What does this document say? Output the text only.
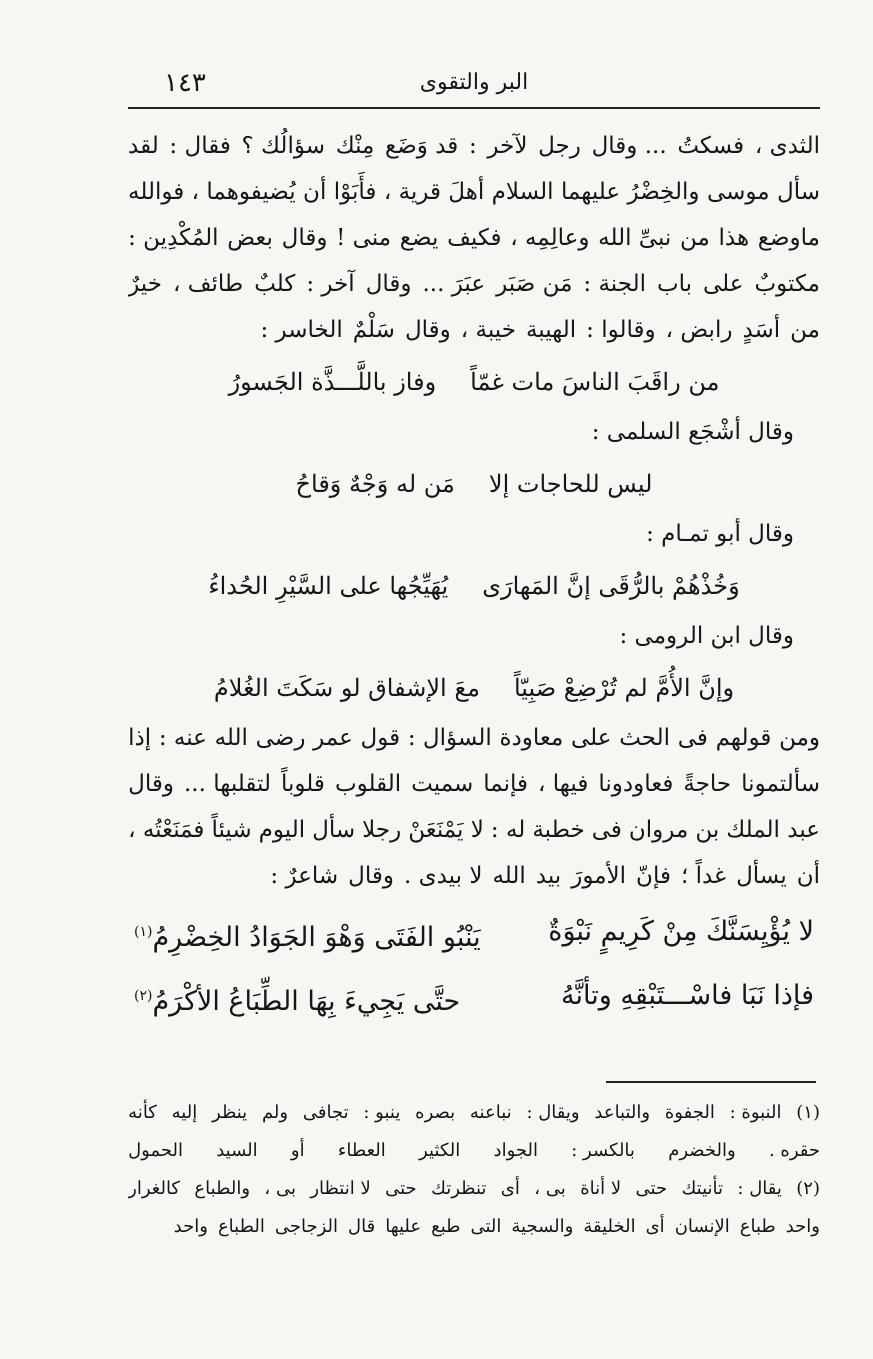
البر والتقوى
١٤٣
الثدى ،
فسكتُ
... وقال
رجل
لآخر
:
قد وَضَع
مِنْك
سؤالُك ؟
فقال :
لقد
سأل
موسى
والخِضْرُ
عليهما
السلام
أهلَ قرية ،
فأَبَوْا
أن
يُضيفوهما ،
فوالله
ماوضع
هذا
من
نبىِّ الله
وعالِمِه ،
فكيف
يضع
منى !
وقال
بعض
المُكْدِين :
مكتوبٌ
على
باب
الجنة :
مَن صَبَر
عبَرَ ...
وقال
آخر :
كلبٌ
طائف ،
خيرٌ
من
أسَدٍ
رابض ،
وقالوا :
الهيبة
خيبة ،
وقال
سَلْمٌ
الخاسر :
من راقَبَ الناسَ مات غمّاً
وفاز باللَّـــذَّة الجَسورُ
وقال أشْجَع السلمى :
ليس للحاجات إلا
مَن له وَجْهٌ وَقاحُ
وقال أبو تمـام :
وَخُذْهُمْ بالرُّقَى إنَّ المَهارَى
يُهَيِّجُها على السَّيْرِ الحُداءُ
وقال ابن الرومى :
وإنَّ الأُمَّ لم تُرْضِعْ صَبِيّاً
معَ الإشفاق لو سَكَتَ الغُلامُ
ومن
قولهم
فى
الحث
على
معاودة
السؤال :
قول
عمر
رضى
الله
عنه :
إذا
سألتمونا
حاجةً
فعاودونا
فيها ،
فإنما
سميت
القلوب
قلوباً
لتقلبها ...
وقال
عبد الملك
بن
مروان
فى
خطبة
له :
لا يَمْنَعَنْ
رجلا
سأل
اليوم
شيئاً
فمَنَعْتُه ،
أن
يسأل
غداً ؛
فإنّ
الأمورَ
بيد
الله
لا بيدى .
وقال
شاعرٌ :
لا يُؤْيِسَنَّكَ مِنْ كَرِيمٍ نَبْوَةٌ
يَنْبُو الفَتَى وَهْوَ الجَوَادُ الخِضْرِمُ$^{(١)}$
فإذا نَبَا فاسْـــتَبْقِهِ وتأنَّهُ
حتَّى يَجِيءَ بِهَا الطِّبَاعُ الأكْرَمُ$^{(٢)}$
(١)
النبوة :
الجفوة
والتباعد
ويقال :
نباعنه
بصره
ينبو :
تجافى
ولم
ينظر
إليه
كأنه
حقره .
والخضرم
بالكسر :
الجواد
الكثير
العطاء
أو
السيد
الحمول
(٢)
يقال :
تأنيتك
حتى
لا أناة
بى ،
أى
تنظرتك
حتى
لا انتظار
بى ،
والطباع
كالغرار
واحد
طباع
الإنسان
أى
الخليقة
والسجية
التى
طبع
عليها
قال
الزجاجى
الطباع
واحد
